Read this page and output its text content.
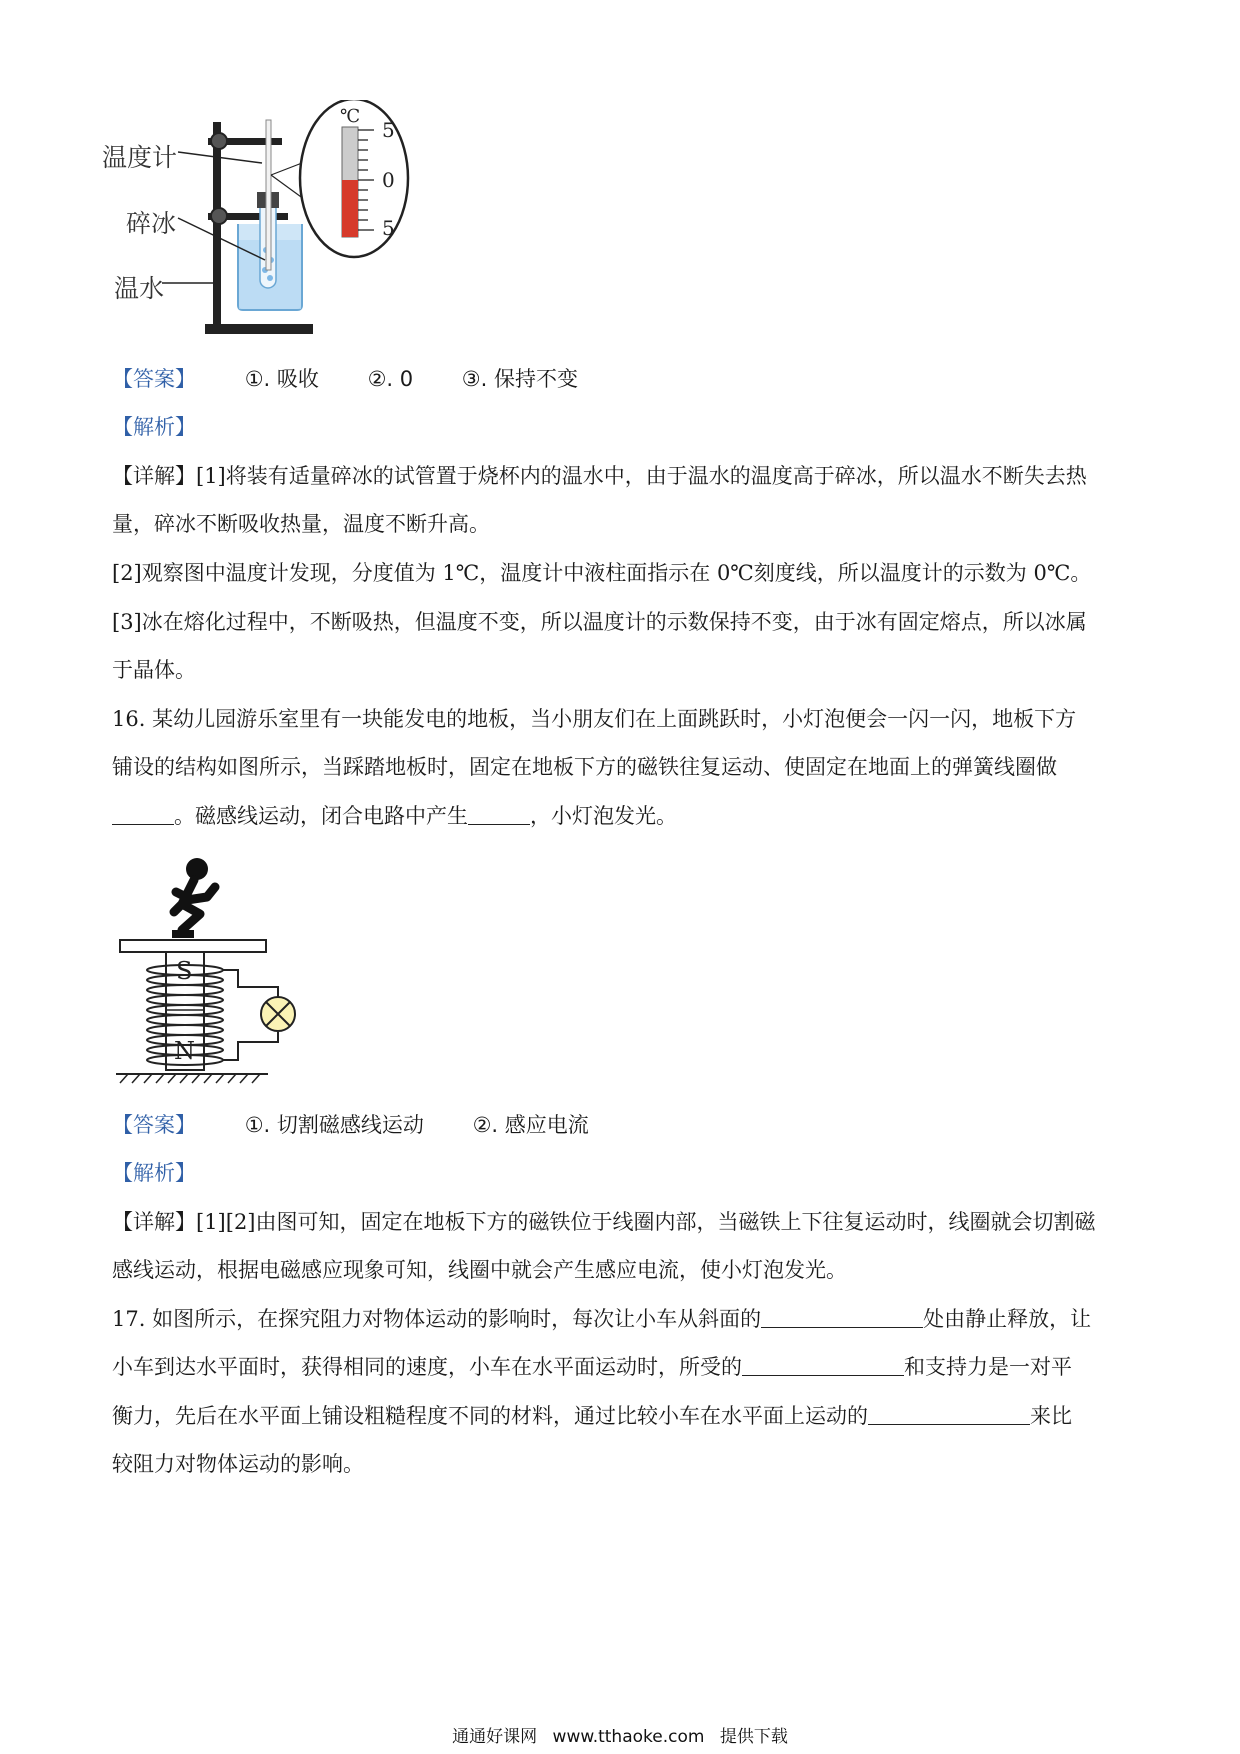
℃
5
0
5
温度计
碎冰
温水
【答案】 ①. 吸收 ②. 0 ③. 保持不变
【解析】
【详解】[1]将装有适量碎冰的试管置于烧杯内的温水中，由于温水的温度高于碎冰，所以温水不断失去热
量，碎冰不断吸收热量，温度不断升高。
[2]观察图中温度计发现，分度值为 1℃，温度计中液柱面指示在 0℃刻度线，所以温度计的示数为 0℃。
[3]冰在熔化过程中，不断吸热，但温度不变，所以温度计的示数保持不变，由于冰有固定熔点，所以冰属
于晶体。
16. 某幼儿园游乐室里有一块能发电的地板，当小朋友们在上面跳跃时，小灯泡便会一闪一闪，地板下方
铺设的结构如图所示，当踩踏地板时，固定在地板下方的磁铁往复运动、使固定在地面上的弹簧线圈做
。磁感线运动，闭合电路中产生	，小灯泡发光。
S
N
【答案】 ①. 切割磁感线运动 ②. 感应电流
【解析】
【详解】[1][2]由图可知，固定在地板下方的磁铁位于线圈内部，当磁铁上下往复运动时，线圈就会切割磁
感线运动，根据电磁感应现象可知，线圈中就会产生感应电流，使小灯泡发光。
17. 如图所示，在探究阻力对物体运动的影响时，每次让小车从斜面的	处由静止释放，让
小车到达水平面时，获得相同的速度，小车在水平面运动时，所受的	和支持力是一对平
衡力，先后在水平面上铺设粗糙程度不同的材料，通过比较小车在水平面上运动的	来比
较阻力对物体运动的影响。
通通好课网 www.tthaoke.com 提供下载
